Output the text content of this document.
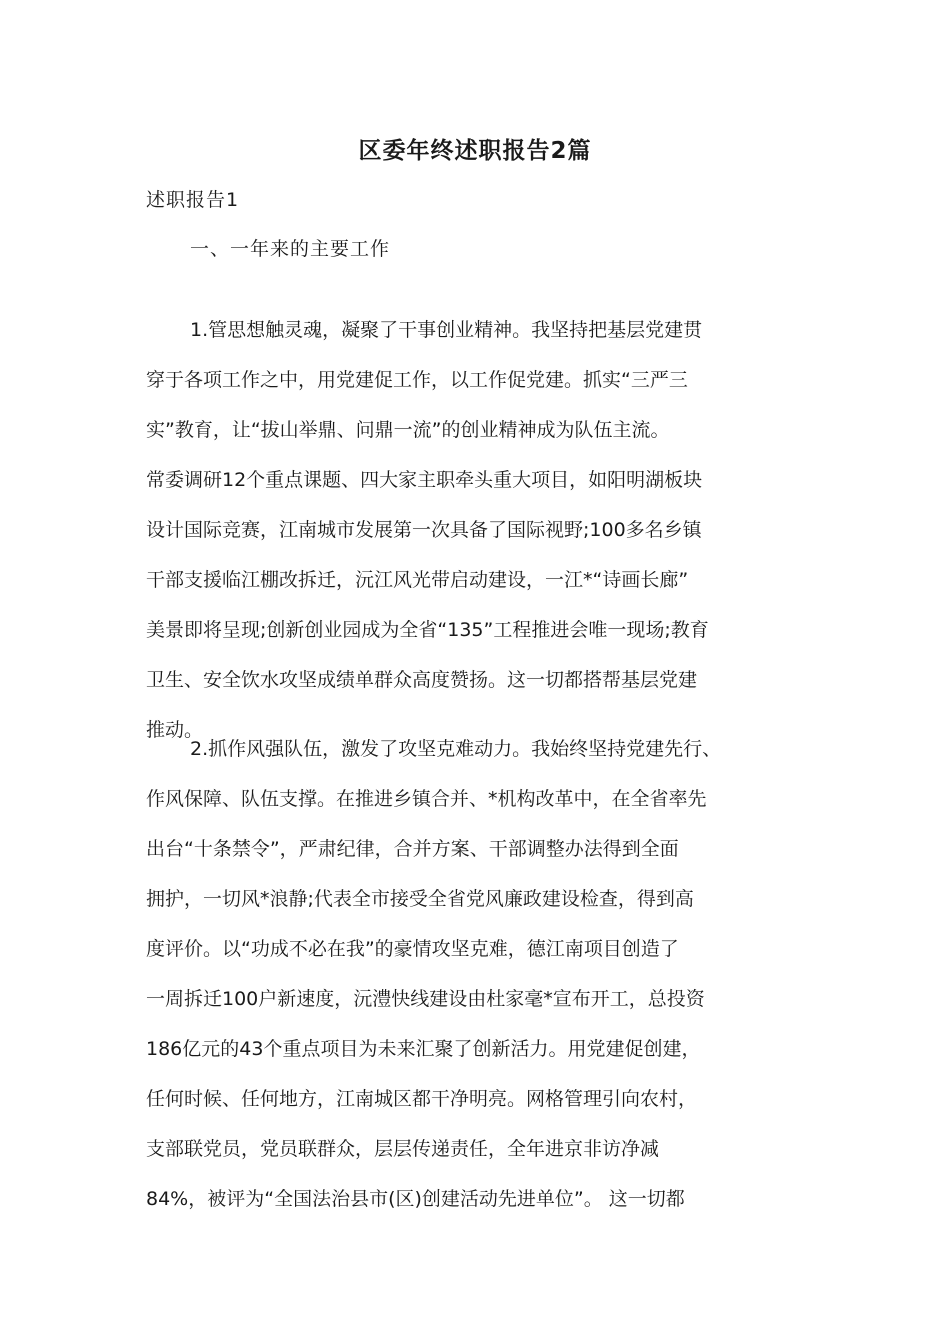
区委年终述职报告2篇
述职报告1
一、一年来的主要工作
1.管思想触灵魂，凝聚了干事创业精神。我坚持把基层党建贯
穿于各项工作之中，用党建促工作，以工作促党建。抓实“三严三
实”教育，让“拔山举鼎、问鼎一流”的创业精神成为队伍主流。
常委调研12个重点课题、四大家主职牵头重大项目，如阳明湖板块
设计国际竞赛，江南城市发展第一次具备了国际视野;100多名乡镇
干部支援临江棚改拆迁，沅江风光带启动建设，一江*“诗画长廊”
美景即将呈现;创新创业园成为全省“135”工程推进会唯一现场;教育
卫生、安全饮水攻坚成绩单群众高度赞扬。这一切都搭帮基层党建
推动。
2.抓作风强队伍，激发了攻坚克难动力。我始终坚持党建先行、
作风保障、队伍支撑。在推进乡镇合并、*机构改革中，在全省率先
出台“十条禁令”，严肃纪律，合并方案、干部调整办法得到全面
拥护，一切风*浪静;代表全市接受全省党风廉政建设检查，得到高
度评价。以“功成不必在我”的豪情攻坚克难，德江南项目创造了
一周拆迁100户新速度，沅澧快线建设由杜家毫*宣布开工，总投资
186亿元的43个重点项目为未来汇聚了创新活力。用党建促创建，
任何时候、任何地方，江南城区都干净明亮。网格管理引向农村，
支部联党员，党员联群众，层层传递责任，全年进京非访净减
84%，被评为“全国法治县市(区)创建活动先进单位”。 这一切都
